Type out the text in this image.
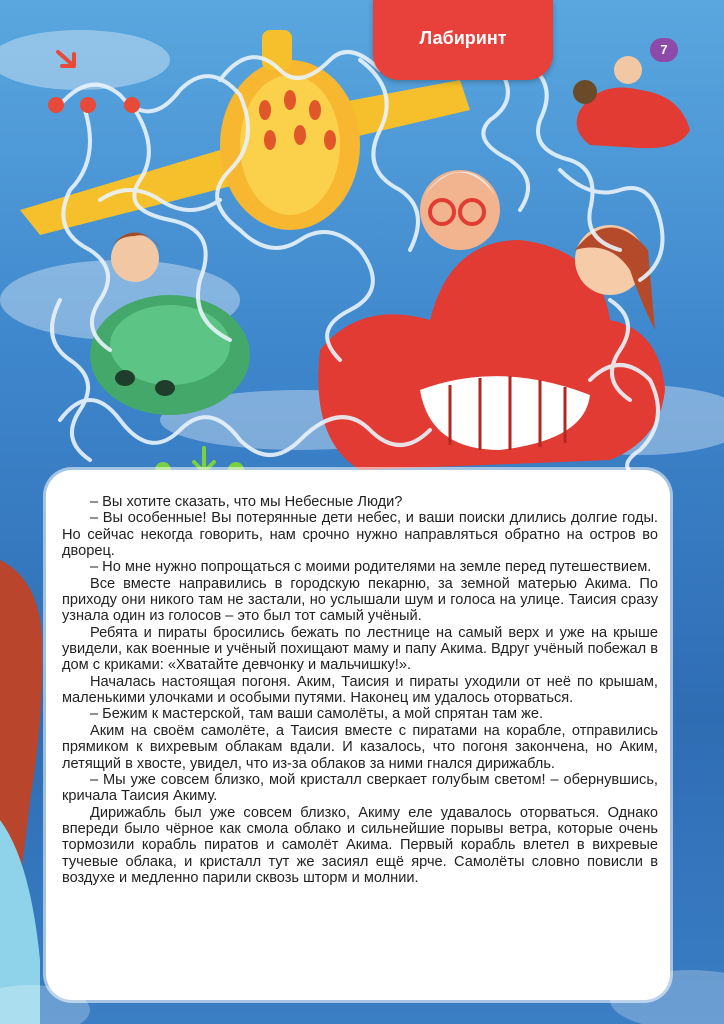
Лабиринт
7

– Вы хотите сказать, что мы Небесные Люди?

– Вы особенные! Вы потерянные дети небес, и ваши поиски длились долгие годы. Но сейчас некогда говорить, нам срочно нужно направляться обратно на остров во дворец.

– Но мне нужно попрощаться с моими родителями на земле перед путешествием.

Все вместе направились в городскую пекарню, за земной матерью Акима. По приходу они никого там не застали, но услышали шум и голоса на улице. Таисия сразу узнала один из голосов – это был тот самый учёный.

Ребята и пираты бросились бежать по лестнице на самый верх и уже на крыше увидели, как военные и учёный похищают маму и папу Акима. Вдруг учёный побежал в дом с криками: «Хватайте девчонку и мальчишку!».

Началась настоящая погоня. Аким, Таисия и пираты уходили от неё по крышам, маленькими улочками и особыми путями. Наконец им удалось оторваться.

– Бежим к мастерской, там ваши самолёты, а мой спрятан там же.

Аким на своём самолёте, а Таисия вместе с пиратами на корабле, отправились прямиком к вихревым облакам вдали. И казалось, что погоня закончена, но Аким, летящий в хвосте, увидел, что из-за облаков за ними гнался дирижабль.

– Мы уже совсем близко, мой кристалл сверкает голубым светом! – обернувшись, кричала Таисия Акиму.

Дирижабль был уже совсем близко, Акиму еле удавалось оторваться. Однако впереди было чёрное как смола облако и сильнейшие порывы ветра, которые очень тормозили корабль пиратов и самолёт Акима. Первый корабль влетел в вихревые тучевые облака, и кристалл тут же засиял ещё ярче. Самолёты словно повисли в воздухе и медленно парили сквозь шторм и молнии.
